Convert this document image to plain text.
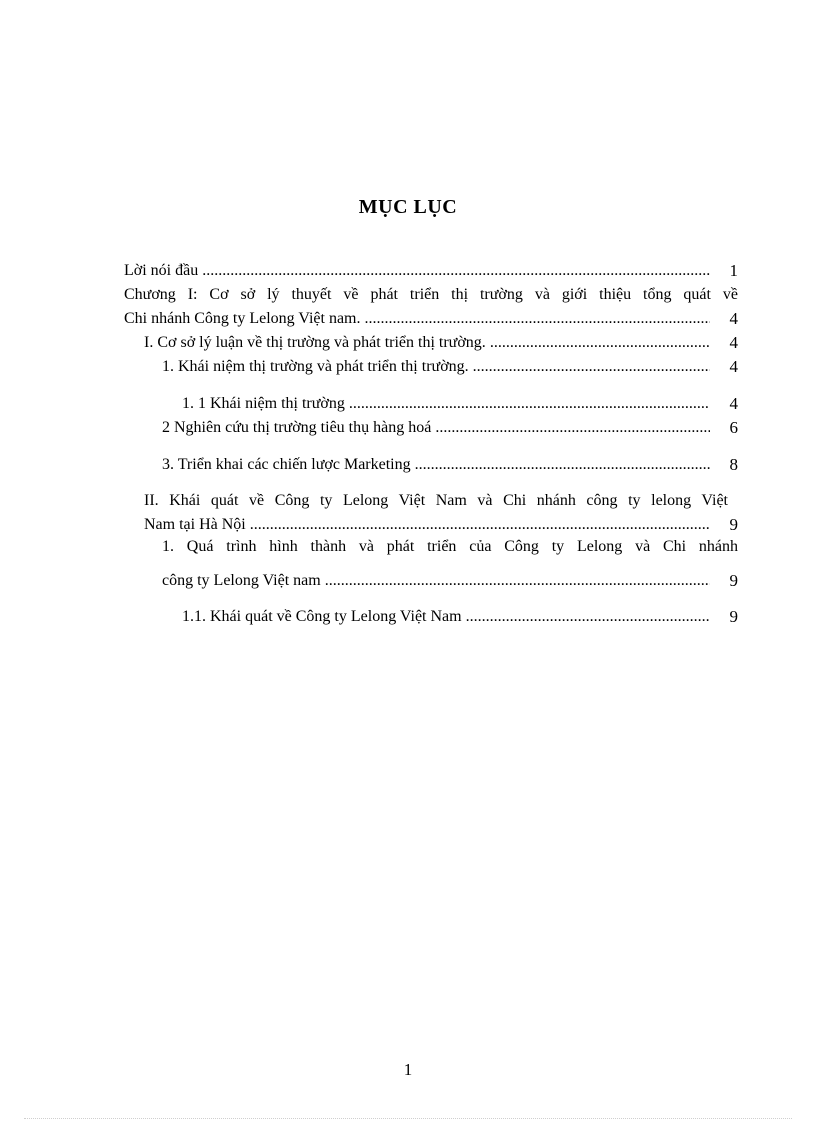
MỤC LỤC
Lời nói đầu .....	1
Chương I: Cơ sở lý thuyết về phát triển thị trường và giới thiệu tổng quát về
Chi nhánh Công ty Lelong Việt nam. .....	4
I. Cơ sở lý luận về thị trường và phát triển thị trường. .....	4
1. Khái niệm thị trường và phát triển thị trường. .....	4
1. 1 Khái niệm thị trường .....	4
2 Nghiên cứu thị trường tiêu thụ hàng hoá .....	6
3. Triển khai các chiến lược Marketing .....	8
II. Khái quát về Công ty Lelong Việt Nam và Chi nhánh công ty lelong Việt
Nam tại Hà Nội .....	9
1. Quá trình hình thành và phát triển của Công ty Lelong và Chi nhánh
công ty Lelong Việt nam .....	9
1.1. Khái quát về Công ty Lelong Việt Nam .....	9
1
